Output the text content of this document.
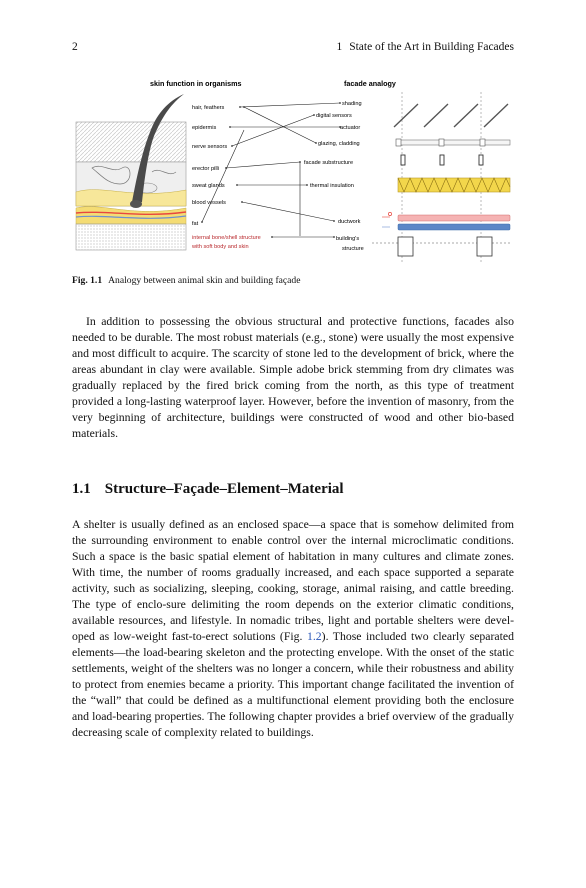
2	1 State of the Art in Building Facades
skin function in organisms	facade analogy
hair, feathers
epidermis
nerve sensors
erector pilli
sweat glands
blood vessels
fat
internal bone/shell structure
with soft body and skin
shading
digital sensors
actuator
glazing, cladding
facade substructure
thermal insulation
ductwork
building's
structure
Fig. 1.1 Analogy between animal skin and building façade

In addition to possessing the obvious structural and protective functions, facades also needed to be durable. The most robust materials (e.g., stone) were usually the most expensive and most difficult to acquire. The scarcity of stone led to the development of brick, where the areas abundant in clay were available. Simple adobe brick stemming from dry climates was gradually replaced by the fired brick coming from the north, as this type of treatment provided a long-lasting waterproof layer. However, before the invention of masonry, from the very beginning of architecture, buildings were constructed of wood and other bio-based materials.

1.1 Structure–Façade–Element–Material

A shelter is usually defined as an enclosed space—a space that is somehow delimited from the surrounding environment to enable control over the internal microclimatic conditions. Such a space is the basic spatial element of habitation in many cultures and climate zones. With time, the number of rooms gradually increased, and each space supported a separate activity, such as socializing, sleeping, cooking, storage, animal raising, and cattle breeding. The type of enclo-sure delimiting the room depends on the exterior climatic conditions, available resources, and lifestyle. In nomadic tribes, light and portable shelters were devel-oped as low-weight fast-to-erect solutions (Fig. 1.2). Those included two clearly separated elements—the load-bearing skeleton and the protecting envelope. With the onset of the static settlements, weight of the shelters was no longer a concern, while their robustness and ability to protect from enemies became a priority. This important change facilitated the invention of the “wall” that could be defined as a multifunctional element providing both the enclosure and load-bearing properties. The following chapter provides a brief overview of the gradually decreasing scale of complexity related to buildings.
